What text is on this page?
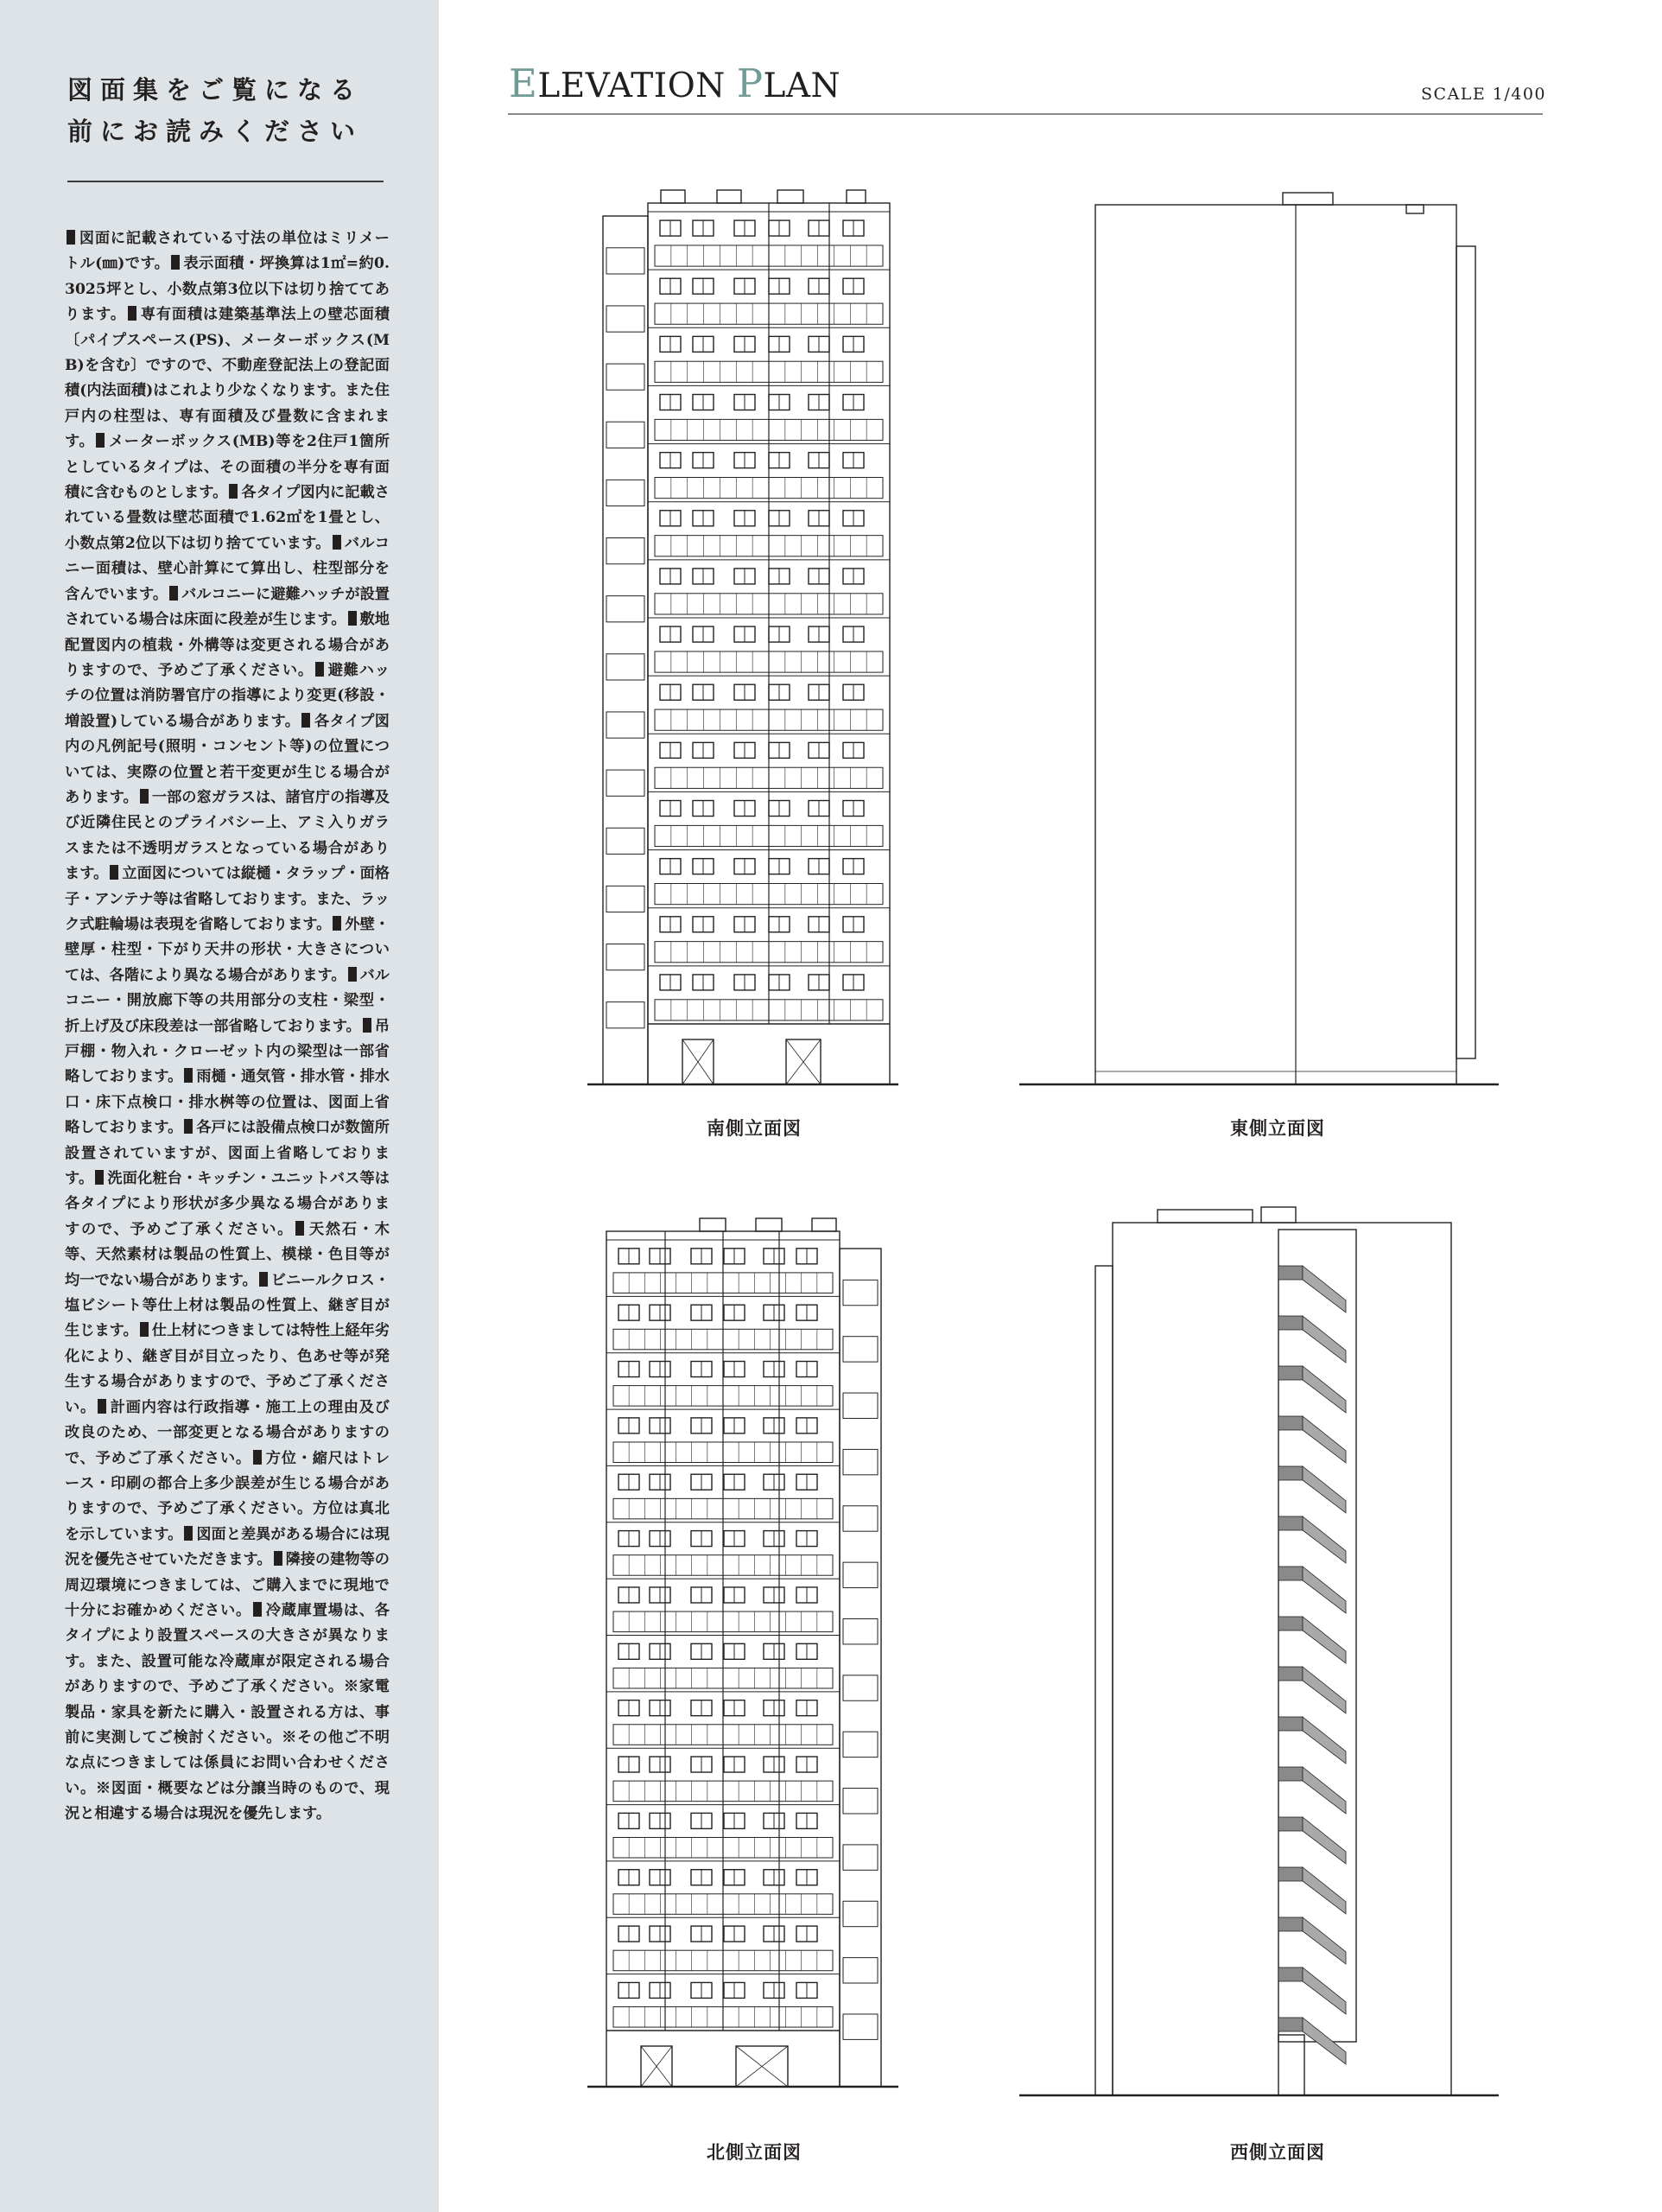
図面集をご覧になる
前にお読みください
図面に記載されている寸法の単位はミリメートル(㎜)です。 表示面積・坪換算は1㎡=約0.3025坪とし、小数点第3位以下は切り捨ててあります。 専有面積は建築基準法上の壁芯面積〔パイプスペース(PS)、メーターボックス(MB)を含む〕ですので、不動産登記法上の登記面積(内法面積)はこれより少なくなります。また住戸内の柱型は、専有面積及び畳数に含まれます。 メーターボックス(MB)等を2住戸1箇所としているタイプは、その面積の半分を専有面積に含むものとします。 各タイプ図内に記載されている畳数は壁芯面積で1.62㎡を1畳とし、小数点第2位以下は切り捨てています。 バルコニー面積は、壁心計算にて算出し、柱型部分を含んでいます。 バルコニーに避難ハッチが設置されている場合は床面に段差が生じます。 敷地配置図内の植栽・外構等は変更される場合がありますので、予めご了承ください。 避難ハッチの位置は消防署官庁の指導により変更(移設・増設置)している場合があります。 各タイプ図内の凡例記号(照明・コンセント等)の位置については、実際の位置と若干変更が生じる場合があります。 一部の窓ガラスは、諸官庁の指導及び近隣住民とのプライバシー上、アミ入りガラスまたは不透明ガラスとなっている場合があります。 立面図については縦樋・タラップ・面格子・アンテナ等は省略しております。また、ラック式駐輪場は表現を省略しております。 外壁・壁厚・柱型・下がり天井の形状・大きさについては、各階により異なる場合があります。 バルコニー・開放廊下等の共用部分の支柱・梁型・折上げ及び床段差は一部省略しております。 吊戸棚・物入れ・クローゼット内の梁型は一部省略しております。 雨樋・通気管・排水管・排水口・床下点検口・排水桝等の位置は、図面上省略しております。 各戸には設備点検口が数箇所設置されていますが、図面上省略しております。 洗面化粧台・キッチン・ユニットバス等は各タイプにより形状が多少異なる場合がありますので、予めご了承ください。 天然石・木等、天然素材は製品の性質上、模様・色目等が均一でない場合があります。 ビニールクロス・塩ビシート等仕上材は製品の性質上、継ぎ目が生じます。 仕上材につきましては特性上経年劣化により、継ぎ目が目立ったり、色あせ等が発生する場合がありますので、予めご了承ください。 計画内容は行政指導・施工上の理由及び改良のため、一部変更となる場合がありますので、予めご了承ください。 方位・縮尺はトレース・印刷の都合上多少誤差が生じる場合がありますので、予めご了承ください。方位は真北を示しています。 図面と差異がある場合には現況を優先させていただきます。 隣接の建物等の周辺環境につきましては、ご購入までに現地で十分にお確かめください。 冷蔵庫置場は、各タイプにより設置スペースの大きさが異なります。また、設置可能な冷蔵庫が限定される場合がありますので、予めご了承ください。※家電製品・家具を新たに購入・設置される方は、事前に実測してご検討ください。※その他ご不明な点につきましては係員にお問い合わせください。※図面・概要などは分譲当時のもので、現況と相違する場合は現況を優先します。
ELEVATION PLAN	SCALE 1/400
南側立面図	東側立面図
北側立面図	西側立面図
